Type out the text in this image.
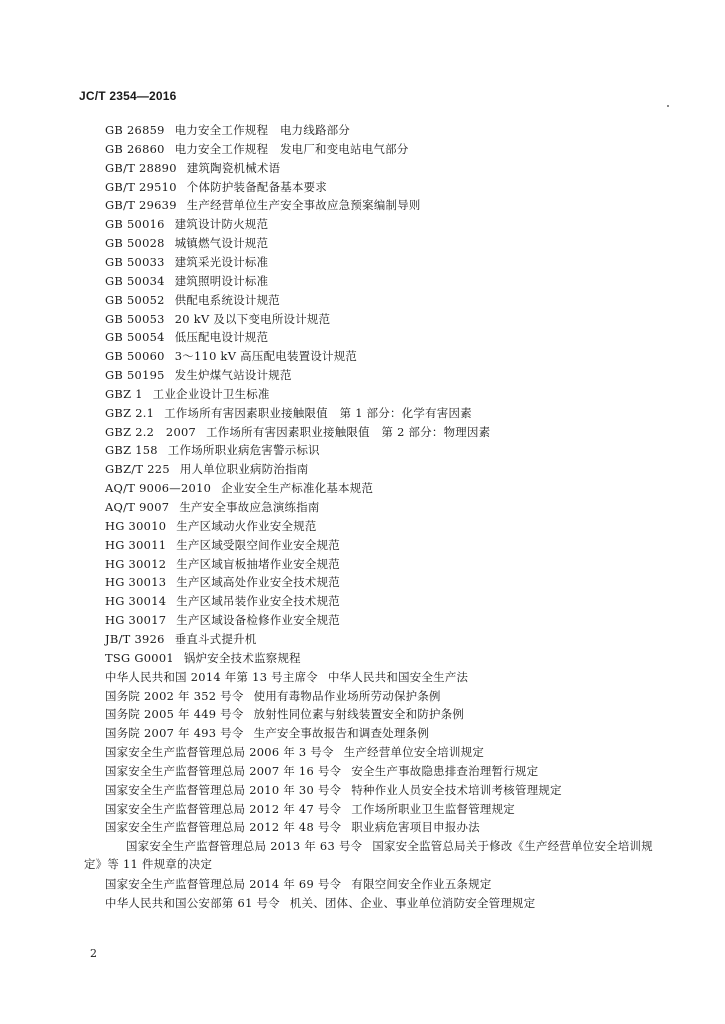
JC/T 2354—2016
GB 26859 电力安全工作规程　电力线路部分
GB 26860 电力安全工作规程　发电厂和变电站电气部分
GB/T 28890 建筑陶瓷机械术语
GB/T 29510 个体防护装备配备基本要求
GB/T 29639 生产经营单位生产安全事故应急预案编制导则
GB 50016 建筑设计防火规范
GB 50028 城镇燃气设计规范
GB 50033 建筑采光设计标准
GB 50034 建筑照明设计标准
GB 50052 供配电系统设计规范
GB 50053 20 kV 及以下变电所设计规范
GB 50054 低压配电设计规范
GB 50060 3～110 kV 高压配电装置设计规范
GB 50195 发生炉煤气站设计规范
GBZ 1 工业企业设计卫生标准
GBZ 2.1 工作场所有害因素职业接触限值　第 1 部分：化学有害因素
GBZ 2.2　2007 工作场所有害因素职业接触限值　第 2 部分：物理因素
GBZ 158 工作场所职业病危害警示标识
GBZ/T 225 用人单位职业病防治指南
AQ/T 9006—2010 企业安全生产标准化基本规范
AQ/T 9007 生产安全事故应急演练指南
HG 30010 生产区域动火作业安全规范
HG 30011 生产区域受限空间作业安全规范
HG 30012 生产区域盲板抽堵作业安全规范
HG 30013 生产区域高处作业安全技术规范
HG 30014 生产区域吊装作业安全技术规范
HG 30017 生产区域设备检修作业安全规范
JB/T 3926 垂直斗式提升机
TSG G0001 锅炉安全技术监察规程
中华人民共和国 2014 年第 13 号主席令 中华人民共和国安全生产法
国务院 2002 年 352 号令 使用有毒物品作业场所劳动保护条例
国务院 2005 年 449 号令 放射性同位素与射线装置安全和防护条例
国务院 2007 年 493 号令 生产安全事故报告和调查处理条例
国家安全生产监督管理总局 2006 年 3 号令 生产经营单位安全培训规定
国家安全生产监督管理总局 2007 年 16 号令 安全生产事故隐患排查治理暂行规定
国家安全生产监督管理总局 2010 年 30 号令 特种作业人员安全技术培训考核管理规定
国家安全生产监督管理总局 2012 年 47 号令 工作场所职业卫生监督管理规定
国家安全生产监督管理总局 2012 年 48 号令 职业病危害项目申报办法
国家安全生产监督管理总局 2013 年 63 号令 国家安全监管总局关于修改《生产经营单位安全培训规定》等 11 件规章的决定
国家安全生产监督管理总局 2014 年 69 号令 有限空间安全作业五条规定
中华人民共和国公安部第 61 号令 机关、团体、企业、事业单位消防安全管理规定
2
